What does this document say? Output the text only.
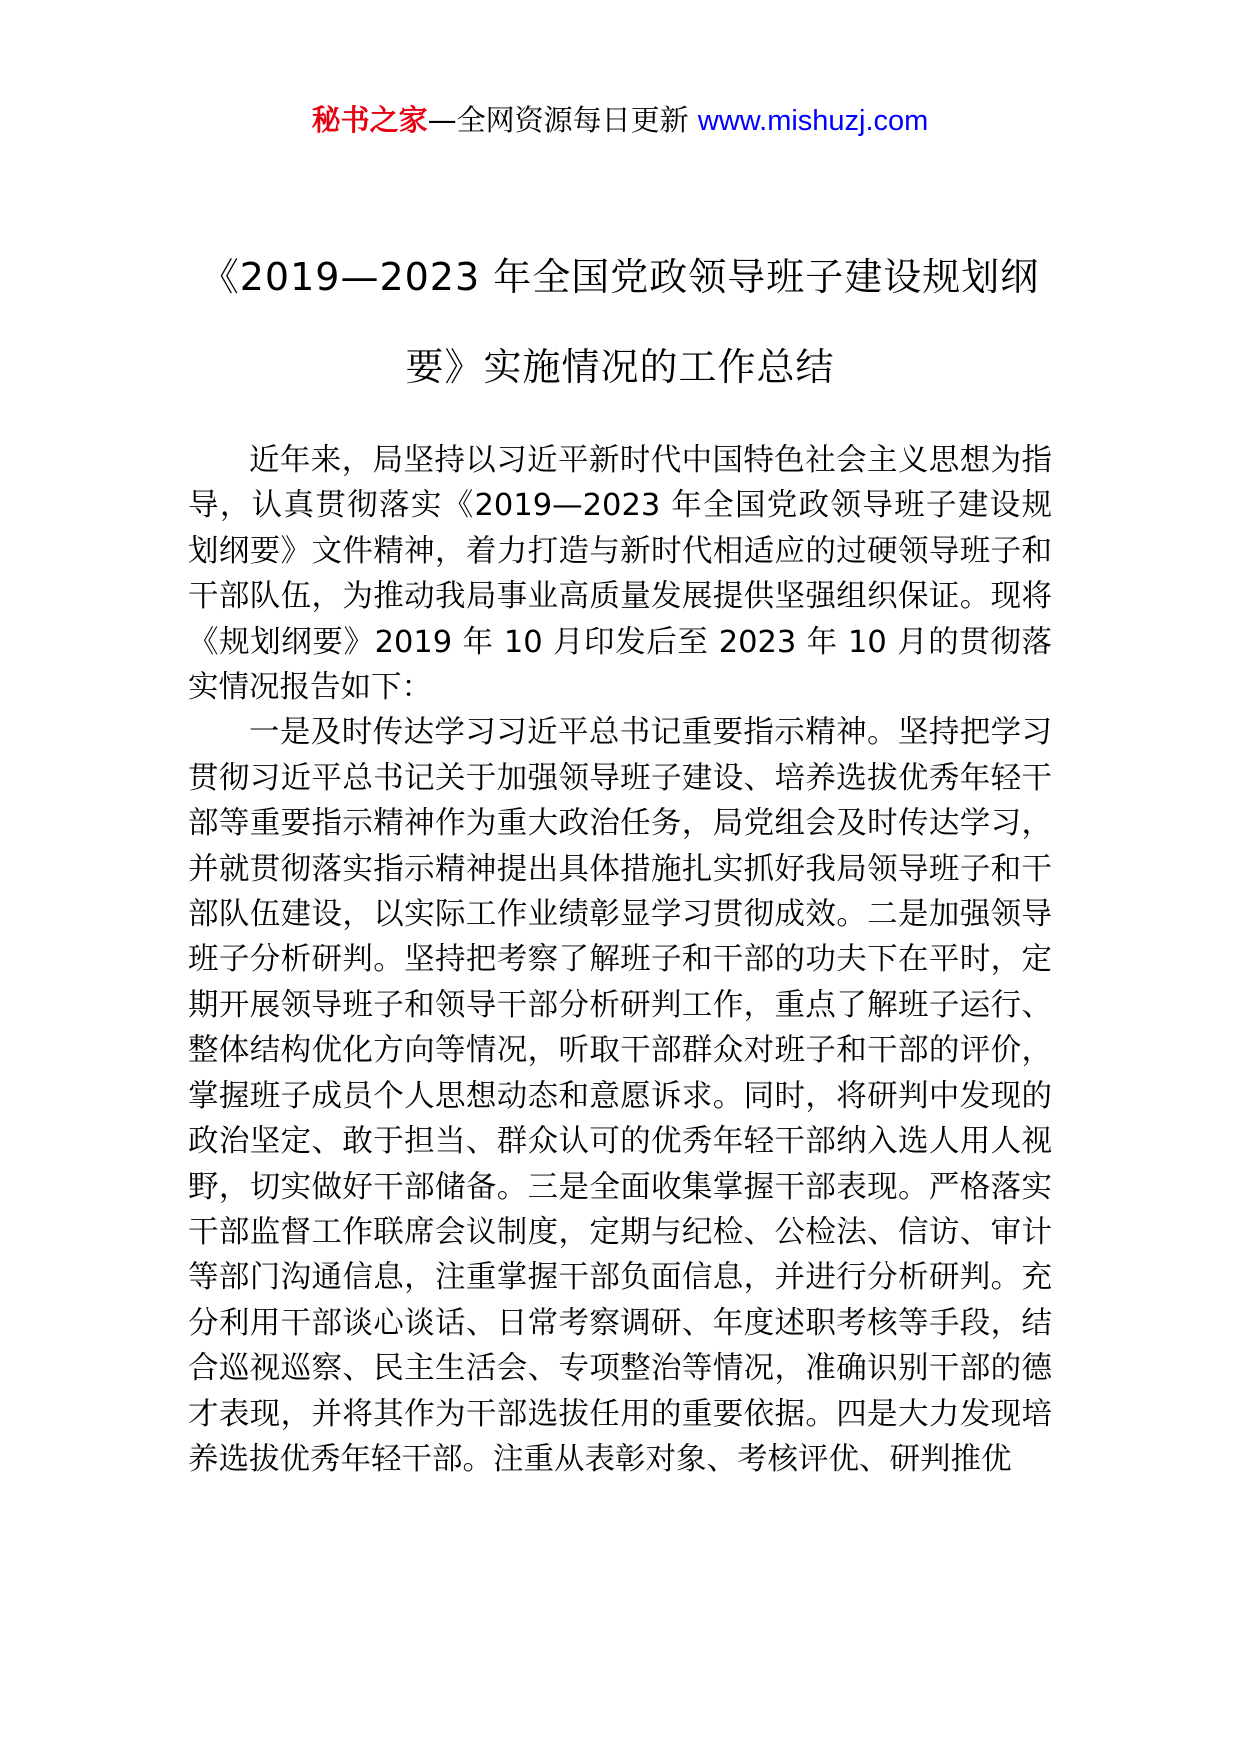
秘书之家—全网资源每日更新 www.mishuzj.com
《2019—2023 年全国党政领导班子建设规划纲
要》实施情况的工作总结

近年来，局坚持以习近平新时代中国特色社会主义思想为指导，认真贯彻落实《2019—2023 年全国党政领导班子建设规划纲要》文件精神，着力打造与新时代相适应的过硬领导班子和干部队伍，为推动我局事业高质量发展提供坚强组织保证。现将《规划纲要》2019 年 10 月印发后至 2023 年 10 月的贯彻落实情况报告如下：

一是及时传达学习习近平总书记重要指示精神。坚持把学习贯彻习近平总书记关于加强领导班子建设、培养选拔优秀年轻干部等重要指示精神作为重大政治任务，局党组会及时传达学习，并就贯彻落实指示精神提出具体措施扎实抓好我局领导班子和干部队伍建设，以实际工作业绩彰显学习贯彻成效。二是加强领导班子分析研判。坚持把考察了解班子和干部的功夫下在平时，定期开展领导班子和领导干部分析研判工作，重点了解班子运行、整体结构优化方向等情况，听取干部群众对班子和干部的评价，掌握班子成员个人思想动态和意愿诉求。同时，将研判中发现的政治坚定、敢于担当、群众认可的优秀年轻干部纳入选人用人视野，切实做好干部储备。三是全面收集掌握干部表现。严格落实干部监督工作联席会议制度，定期与纪检、公检法、信访、审计等部门沟通信息，注重掌握干部负面信息，并进行分析研判。充分利用干部谈心谈话、日常考察调研、年度述职考核等手段，结合巡视巡察、民主生活会、专项整治等情况，准确识别干部的德才表现，并将其作为干部选拔任用的重要依据。四是大力发现培养选拔优秀年轻干部。注重从表彰对象、考核评优、研判推优
